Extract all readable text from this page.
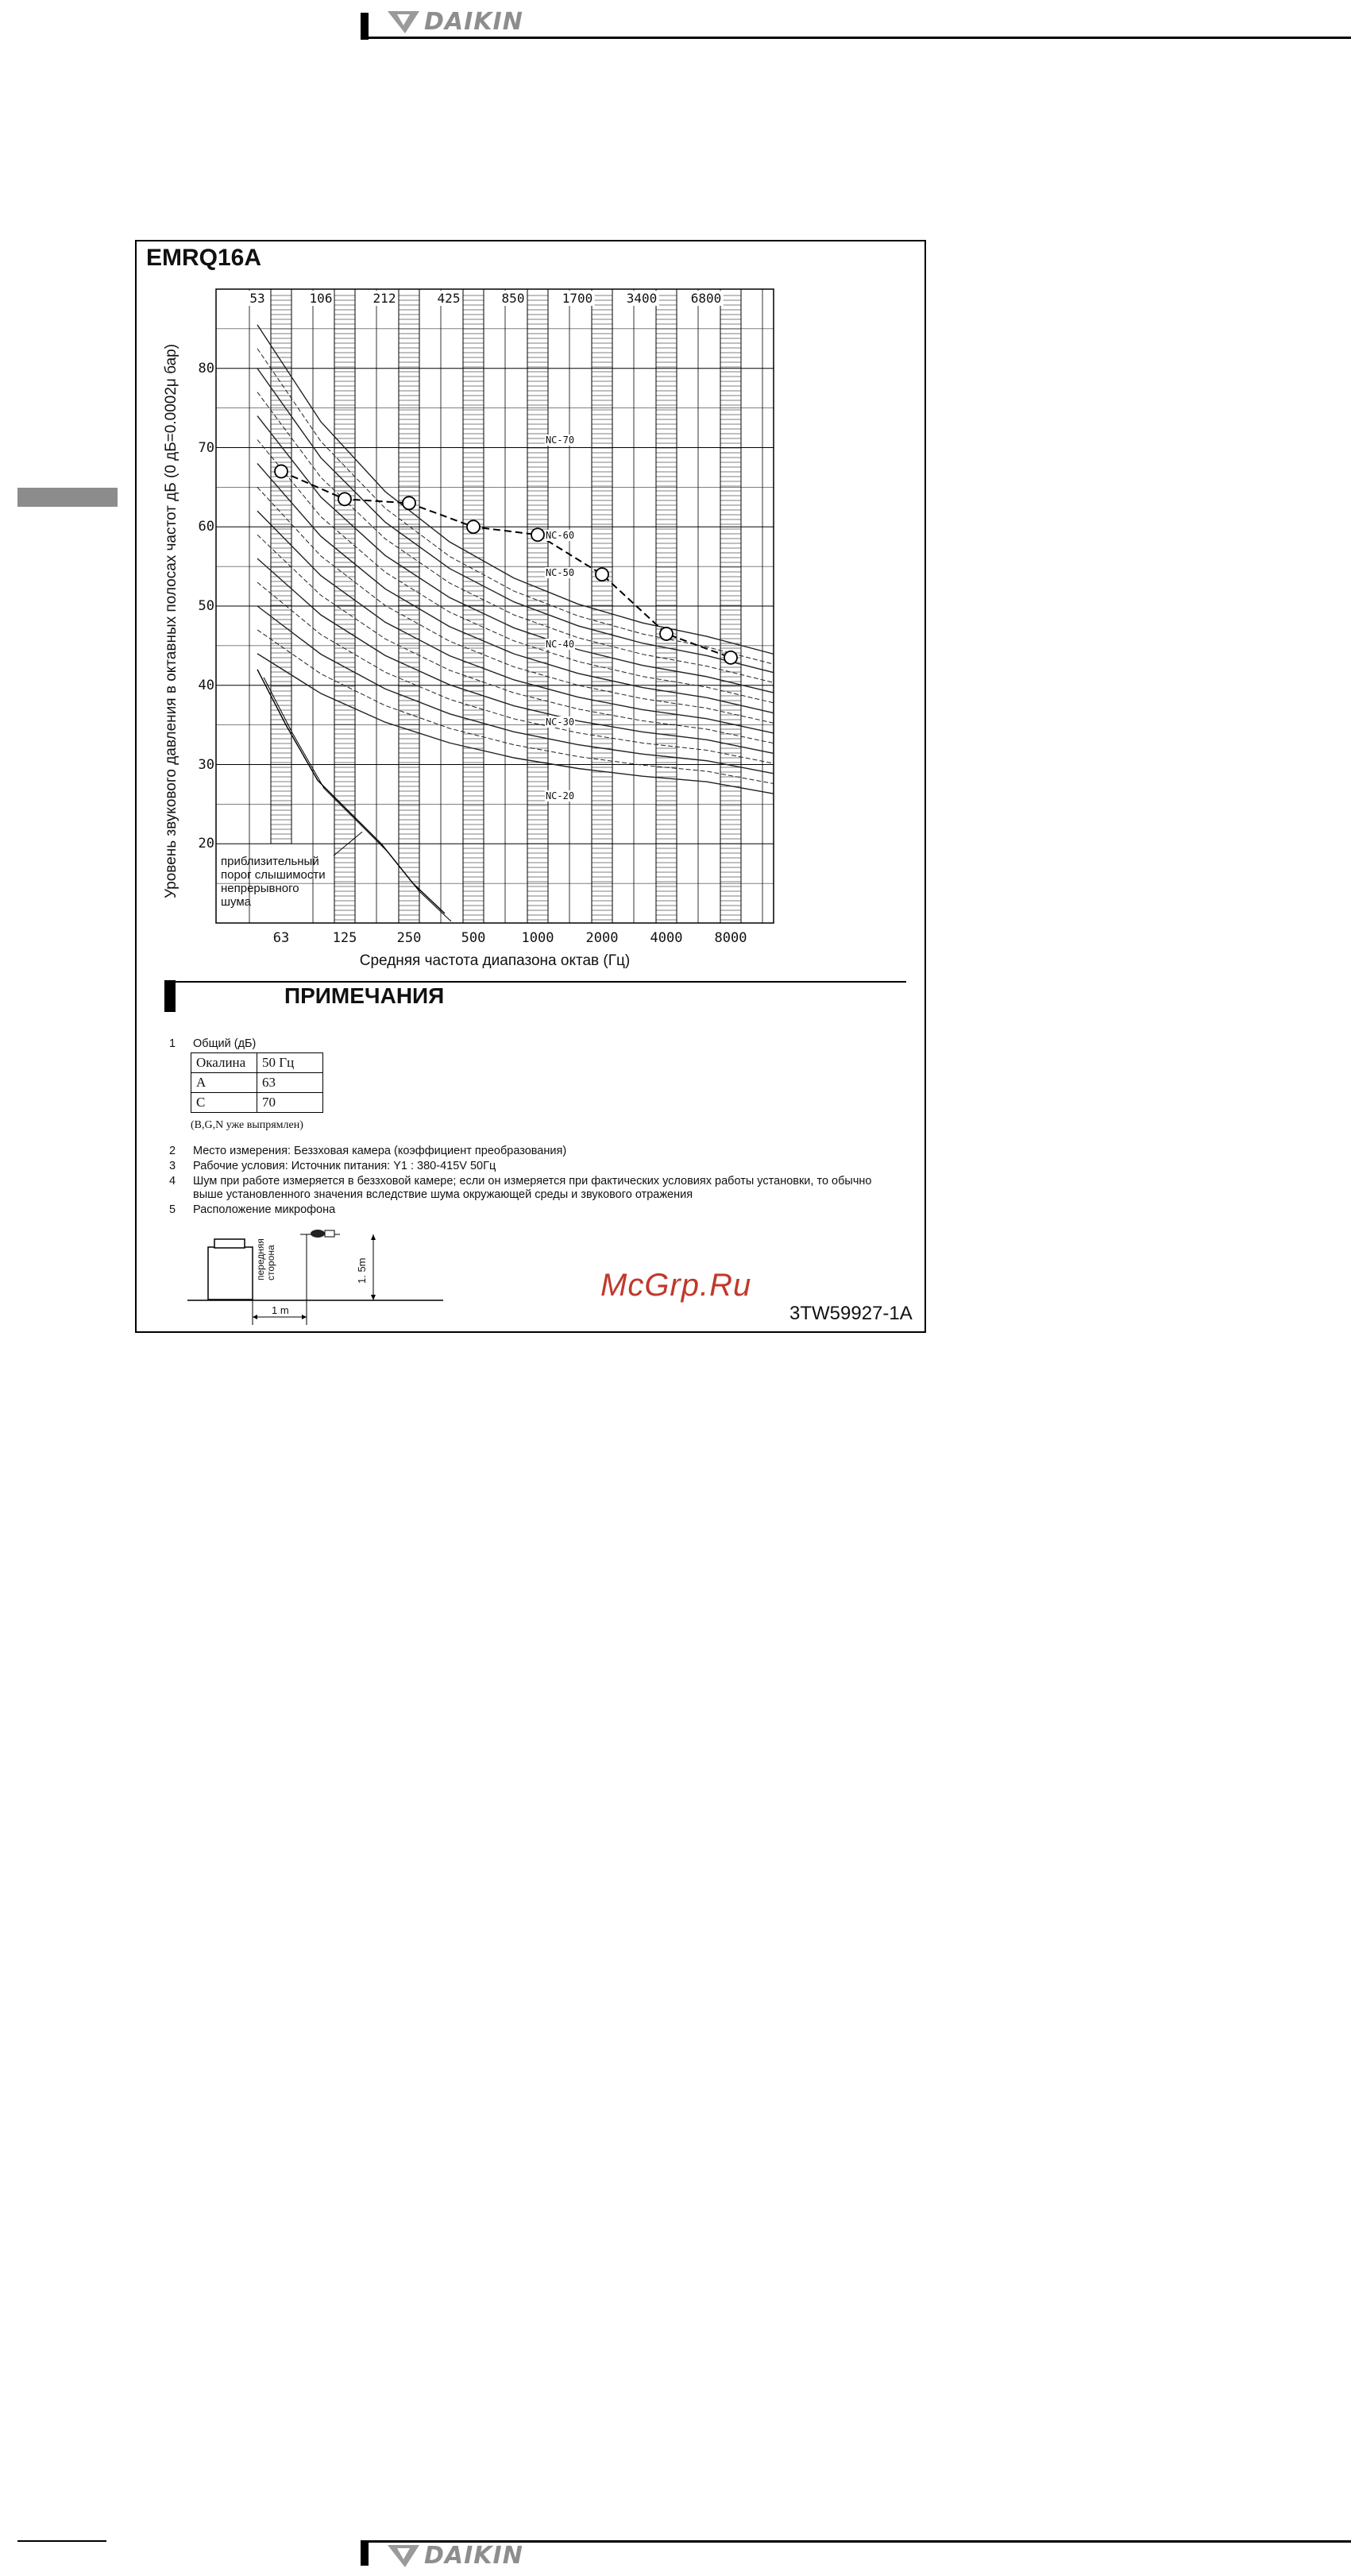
DAIKIN
EMRQ16A
Уровень звукового давления в октавных полосах частот дБ (0 дБ=0.0002μ бар)
Средняя частота диапазона октав (Гц)
приблизительный
порог слышимости
непрерывного
шума
ПРИМЕЧАНИЯ
1	Общий (дБ)
Окалина	50 Гц
A	63
C	70
(B,G,N уже выпрямлен)
2	Место измерения: Беззховая камера (коэффициент преобразования)
3	Рабочие условия: Источник питания: Y1 : 380-415V 50Гц
4	Шум при работе измеряется в беззховой камере; если он измеряется при фактических условиях работы установки, то обычно
выше установленного значения вследствие шума окружающей среды и звукового отражения
5	Расположение микрофона
передняя сторона	1. 5m
1 m
McGrp.Ru
3TW59927-1A
DAIKIN
NC-70
NC-60
NC-50
NC-40
NC-30
NC-20
20
30
40
50
60
70
80
63	125	250	500	1000 2000 4000 8000
53	106	212	425	850	1700	3400	6800
